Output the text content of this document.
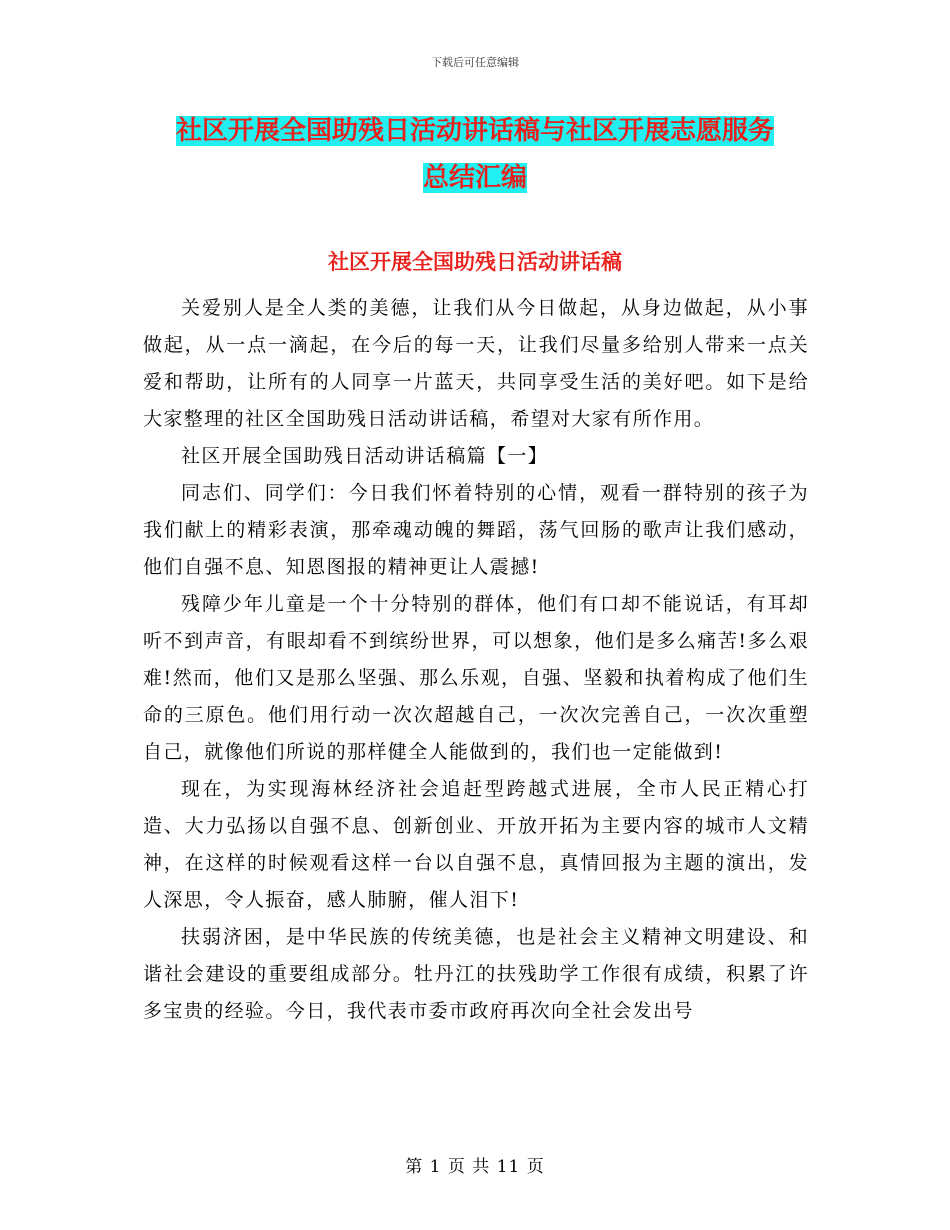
下载后可任意编辑
社区开展全国助残日活动讲话稿与社区开展志愿服务
总结汇编
社区开展全国助残日活动讲话稿

关爱别人是全人类的美德，让我们从今日做起，从身边做起，从小事做起，从一点一滴起，在今后的每一天，让我们尽量多给别人带来一点关爱和帮助，让所有的人同享一片蓝天，共同享受生活的美好吧。如下是给大家整理的社区全国助残日活动讲话稿，希望对大家有所作用。

社区开展全国助残日活动讲话稿篇【一】

同志们、同学们：今日我们怀着特别的心情，观看一群特别的孩子为我们献上的精彩表演，那牵魂动魄的舞蹈，荡气回肠的歌声让我们感动，他们自强不息、知恩图报的精神更让人震撼!

残障少年儿童是一个十分特别的群体，他们有口却不能说话，有耳却听不到声音，有眼却看不到缤纷世界，可以想象，他们是多么痛苦!多么艰难!然而，他们又是那么坚强、那么乐观，自强、坚毅和执着构成了他们生命的三原色。他们用行动一次次超越自己，一次次完善自己，一次次重塑自己，就像他们所说的那样健全人能做到的，我们也一定能做到!

现在，为实现海林经济社会追赶型跨越式进展，全市人民正精心打造、大力弘扬以自强不息、创新创业、开放开拓为主要内容的城市人文精神，在这样的时候观看这样一台以自强不息，真情回报为主题的演出，发人深思，令人振奋，感人肺腑，催人泪下!

扶弱济困，是中华民族的传统美德，也是社会主义精神文明建设、和谐社会建设的重要组成部分。牡丹江的扶残助学工作很有成绩，积累了许多宝贵的经验。今日，我代表市委市政府再次向全社会发出号

第 1 页 共 11 页
